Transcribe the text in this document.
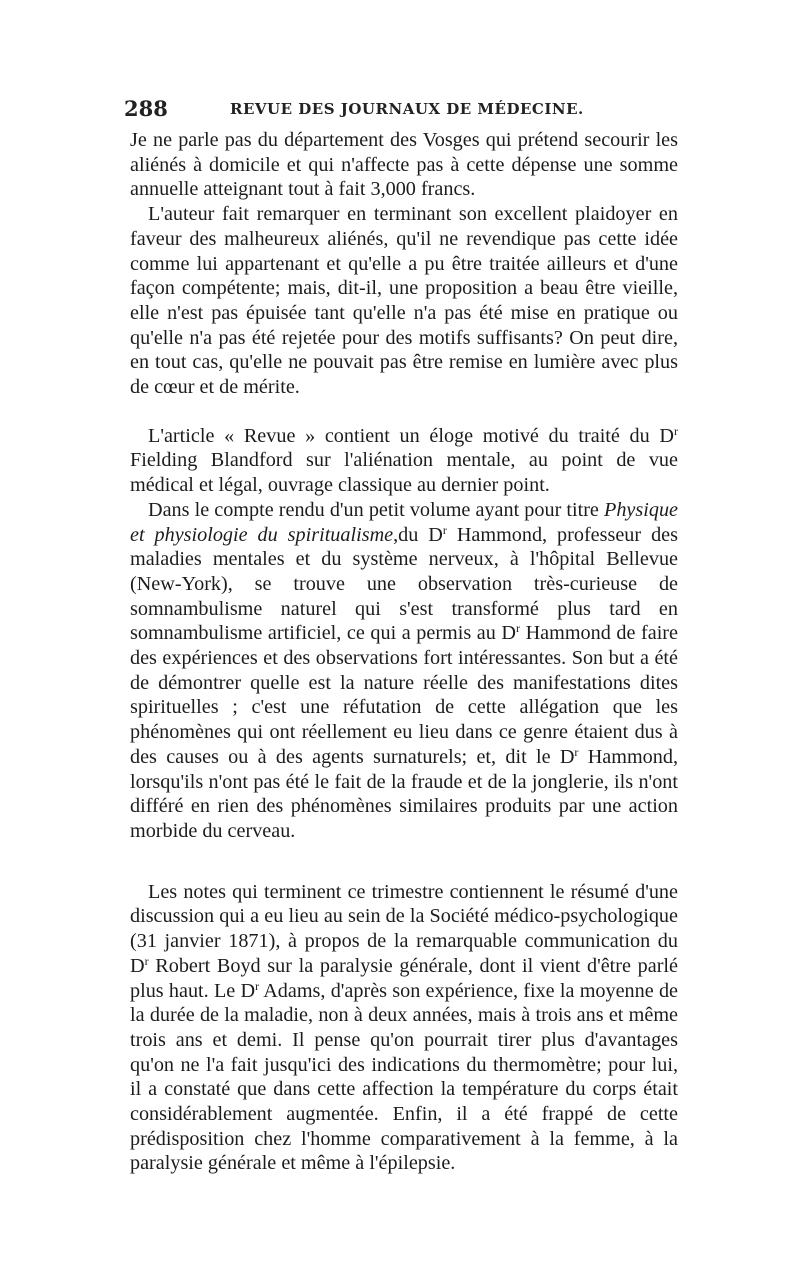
288	REVUE DES JOURNAUX DE MÉDECINE.

Je ne parle pas du département des Vosges qui prétend secourir les aliénés à domicile et qui n'affecte pas à cette dépense une somme annuelle atteignant tout à fait 3,000 francs.

L'auteur fait remarquer en terminant son excellent plaidoyer en faveur des malheureux aliénés, qu'il ne revendique pas cette idée comme lui appartenant et qu'elle a pu être traitée ailleurs et d'une façon compétente; mais, dit-il, une proposition a beau être vieille, elle n'est pas épuisée tant qu'elle n'a pas été mise en pratique ou qu'elle n'a pas été rejetée pour des motifs suffisants? On peut dire, en tout cas, qu'elle ne pouvait pas être remise en lumière avec plus de cœur et de mérite.

L'article « Revue » contient un éloge motivé du traité du $D^r$ Fielding Blandford sur l'aliénation mentale, au point de vue médical et légal, ouvrage classique au dernier point.

Dans le compte rendu d'un petit volume ayant pour titre Physique et physiologie du spiritualisme,du $D^r$ Hammond, professeur des maladies mentales et du système nerveux, à l'hôpital Bellevue (New-York), se trouve une observation très-curieuse de somnambulisme naturel qui s'est transformé plus tard en somnambulisme artificiel, ce qui a permis au $D^r$ Hammond de faire des expériences et des observations fort intéressantes. Son but a été de démontrer quelle est la nature réelle des manifestations dites spirituelles ; c'est une réfutation de cette allégation que les phénomènes qui ont réellement eu lieu dans ce genre étaient dus à des causes ou à des agents surnaturels; et, dit le $D^r$ Hammond, lorsqu'ils n'ont pas été le fait de la fraude et de la jonglerie, ils n'ont différé en rien des phénomènes similaires produits par une action morbide du cerveau.

Les notes qui terminent ce trimestre contiennent le résumé d'une discussion qui a eu lieu au sein de la Société médico-psychologique (31 janvier 1871), à propos de la remarquable communication du $D^r$ Robert Boyd sur la paralysie générale, dont il vient d'être parlé plus haut. Le $D^r$ Adams, d'après son expérience, fixe la moyenne de la durée de la maladie, non à deux années, mais à trois ans et même trois ans et demi. Il pense qu'on pourrait tirer plus d'avantages qu'on ne l'a fait jusqu'ici des indications du thermomètre; pour lui, il a constaté que dans cette affection la température du corps était considérablement augmentée. Enfin, il a été frappé de cette prédisposition chez l'homme comparativement à la femme, à la paralysie générale et même à l'épilepsie.
